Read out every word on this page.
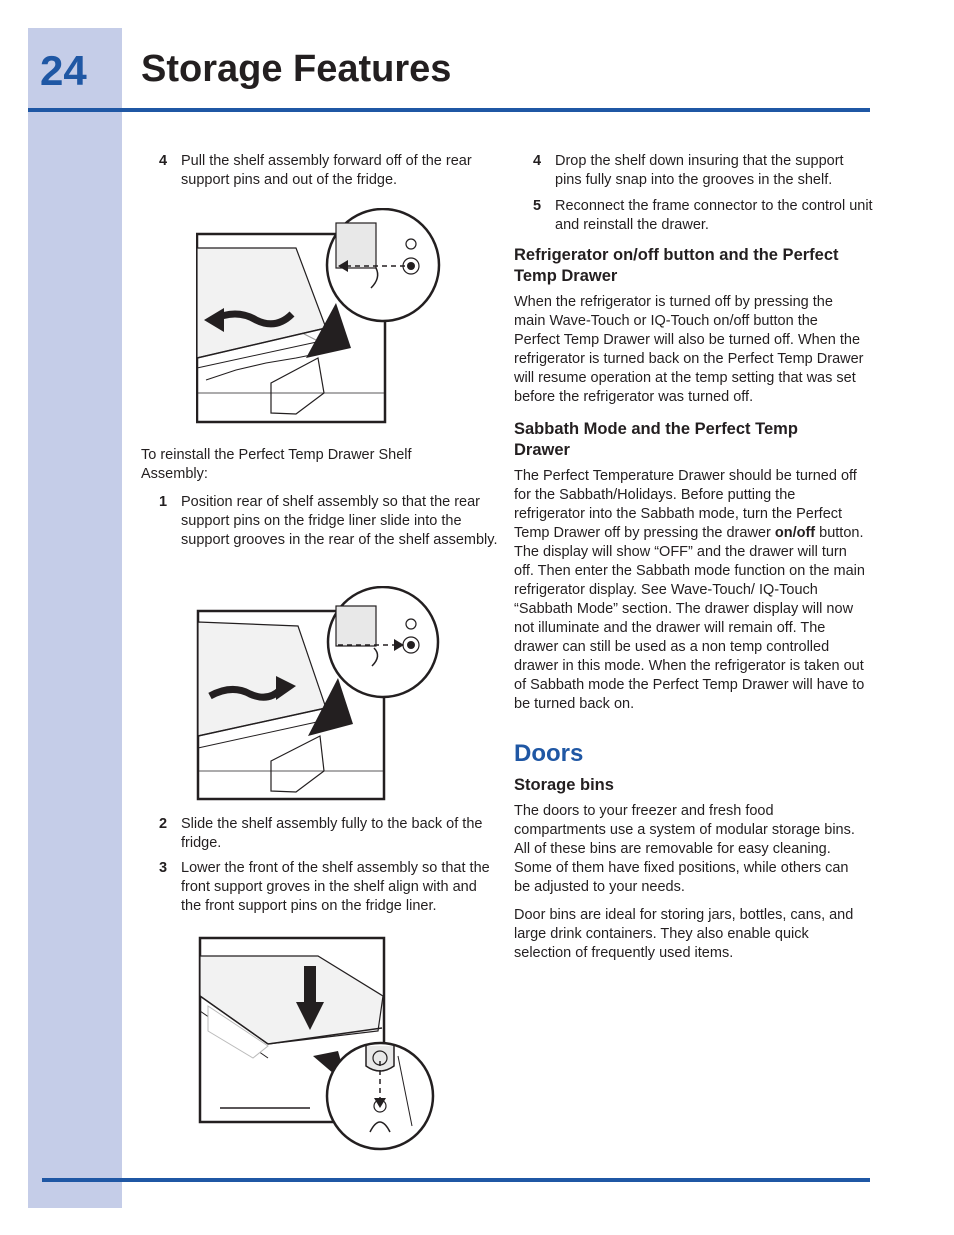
24 Storage Features
4 Pull the shelf assembly forward off of the rear support pins and out of the fridge.

To reinstall the Perfect Temp Drawer Shelf Assembly:

1 Position rear of shelf assembly so that the rear support pins on the fridge liner slide into the support grooves in the rear of the shelf assembly.
2 Slide the shelf assembly fully to the back of the fridge.
3 Lower the front of the shelf assembly so that the front support groves in the shelf align with and the front support pins on the fridge liner.
4 Drop the shelf down insuring that the support pins fully snap into the grooves in the shelf.
5 Reconnect the frame connector to the control unit and reinstall the drawer.
Refrigerator on/off button and the Perfect Temp Drawer

When the refrigerator is turned off by pressing the main Wave-Touch or IQ-Touch on/off button the Perfect Temp Drawer will also be turned off. When the refrigerator is turned back on the Perfect Temp Drawer will resume operation at the temp setting that was set before the refrigerator was turned off.

Sabbath Mode and the Perfect Temp Drawer

The Perfect Temperature Drawer should be turned off for the Sabbath/Holidays. Before putting the refrigerator into the Sabbath mode, turn the Perfect Temp Drawer off by pressing the drawer on/off button. The display will show “OFF” and the drawer will turn off. Then enter the Sabbath mode function on the main refrigerator display. See Wave-Touch/ IQ-Touch “Sabbath Mode” section. The drawer display will now not illuminate and the drawer will remain off. The drawer can still be used as a non temp controlled drawer in this mode. When the refrigerator is taken out of Sabbath mode the Perfect Temp Drawer will have to be turned back on.

Doors
Storage bins

The doors to your freezer and fresh food compartments use a system of modular storage bins. All of these bins are removable for easy cleaning. Some of them have fixed positions, while others can be adjusted to your needs.

Door bins are ideal for storing jars, bottles, cans, and large drink containers. They also enable quick selection of frequently used items.
